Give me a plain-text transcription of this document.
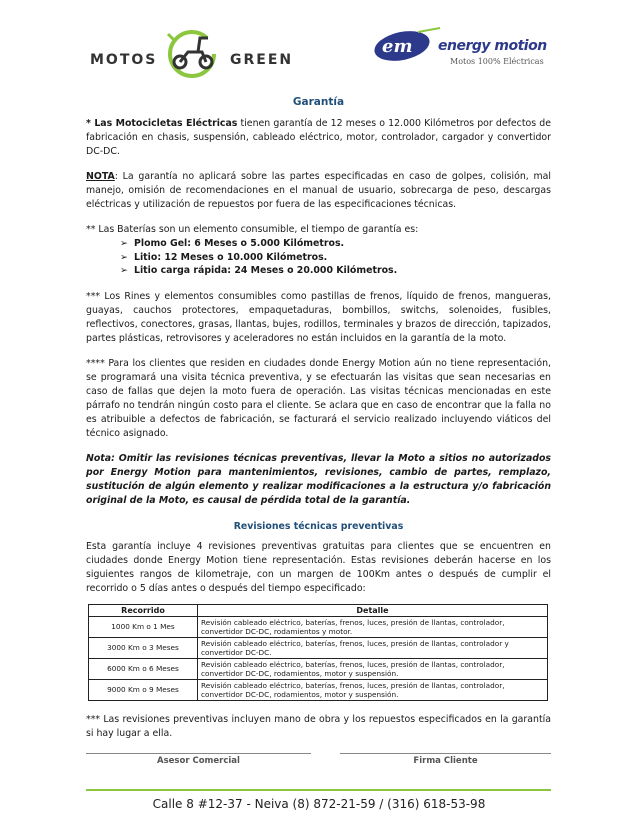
MOTOS	GREEN
em energy motion
Motos 100% Eléctricas
Garantía

* Las Motocicletas Eléctricas tienen garantía de 12 meses o 12.000 Kilómetros por defectos de fabricación en chasis, suspensión, cableado eléctrico, motor, controlador, cargador y convertidor DC-DC.

NOTA: La garantía no aplicará sobre las partes especificadas en caso de golpes, colisión, mal manejo, omisión de recomendaciones en el manual de usuario, sobrecarga de peso, descargas eléctricas y utilización de repuestos por fuera de las especificaciones técnicas.

** Las Baterías son un elemento consumible, el tiempo de garantía es:

➢ Plomo Gel: 6 Meses o 5.000 Kilómetros.
➢ Litio: 12 Meses o 10.000 Kilómetros.
➢ Litio carga rápida: 24 Meses o 20.000 Kilómetros.

*** Los Rines y elementos consumibles como pastillas de frenos, líquido de frenos, mangueras, guayas, cauchos protectores, empaquetaduras, bombillos, switchs, solenoides, fusibles, reflectivos, conectores, grasas, llantas, bujes, rodillos, terminales y brazos de dirección, tapizados, partes plásticas, retrovisores y aceleradores no están incluidos en la garantía de la moto.

**** Para los clientes que residen en ciudades donde Energy Motion aún no tiene representación, se programará una visita técnica preventiva, y se efectuarán las visitas que sean necesarias en caso de fallas que dejen la moto fuera de operación. Las visitas técnicas mencionadas en este párrafo no tendrán ningún costo para el cliente. Se aclara que en caso de encontrar que la falla no es atribuible a defectos de fabricación, se facturará el servicio realizado incluyendo viáticos del técnico asignado.

Nota: Omitir las revisiones técnicas preventivas, llevar la Moto a sitios no autorizados por Energy Motion para mantenimientos, revisiones, cambio de partes, remplazo, sustitución de algún elemento y realizar modificaciones a la estructura y/o fabricación original de la Moto, es causal de pérdida total de la garantía.

Revisiones técnicas preventivas

Esta garantía incluye 4 revisiones preventivas gratuitas para clientes que se encuentren en ciudades donde Energy Motion tiene representación. Estas revisiones deberán hacerse en los siguientes rangos de kilometraje, con un margen de 100Km antes o después de cumplir el recorrido o 5 días antes o después del tiempo especificado:

Recorrido	Detalle
1000 Km o 1 Mes	Revisión cableado eléctrico, baterías, frenos, luces, presión de llantas, controlador, convertidor DC-DC, rodamientos y motor.
3000 Km o 3 Meses	Revisión cableado eléctrico, baterías, frenos, luces, presión de llantas, controlador y convertidor DC-DC.
6000 Km o 6 Meses	Revisión cableado eléctrico, baterías, frenos, luces, presión de llantas, controlador, convertidor DC-DC, rodamientos, motor y suspensión.
9000 Km o 9 Meses	Revisión cableado eléctrico, baterías, frenos, luces, presión de llantas, controlador, convertidor DC-DC, rodamientos, motor y suspensión.

*** Las revisiones preventivas incluyen mano de obra y los repuestos especificados en la garantía si hay lugar a ella.

Asesor Comercial	Firma Cliente
Calle 8 #12-37 - Neiva (8) 872-21-59 / (316) 618-53-98
